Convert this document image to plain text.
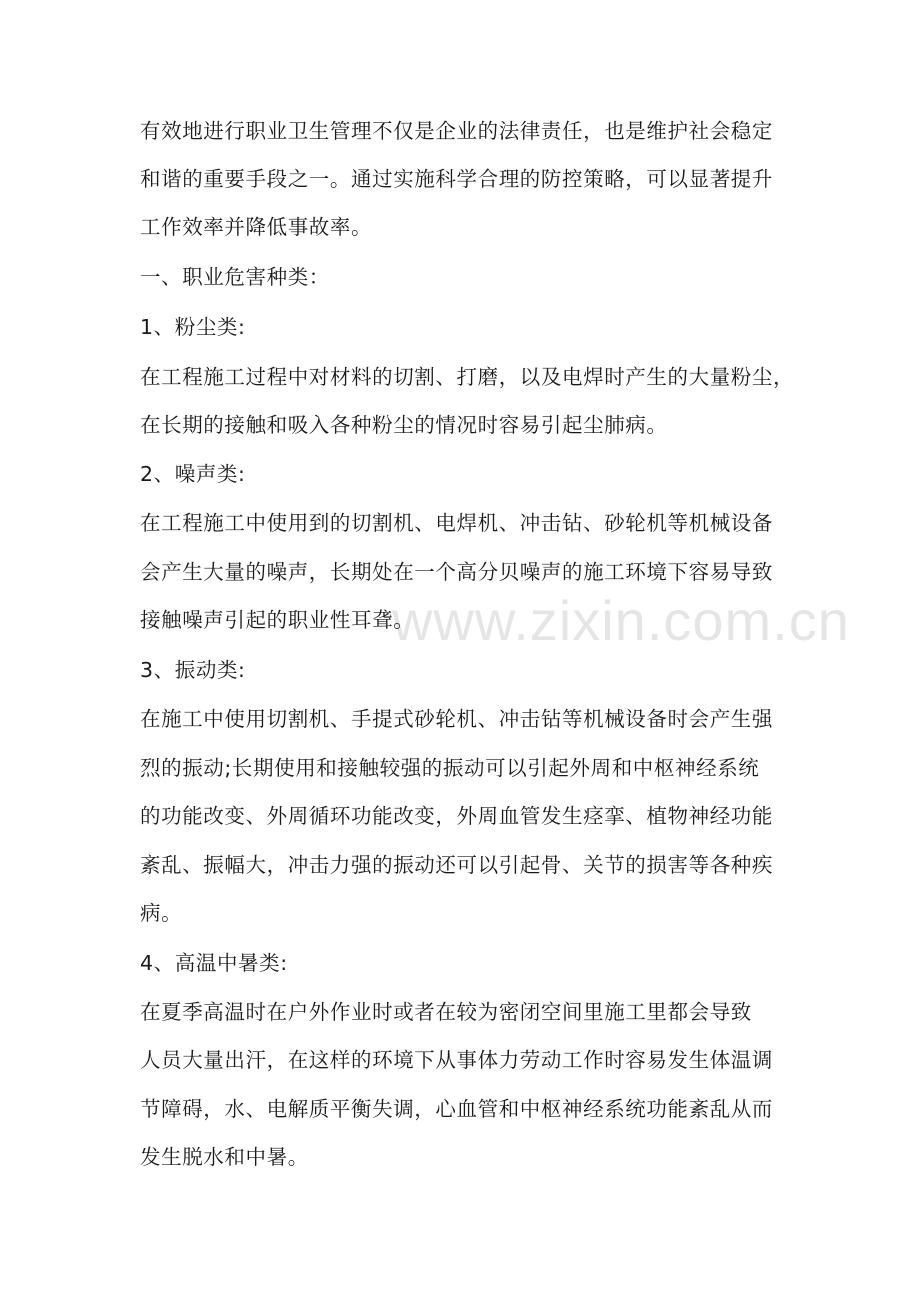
有效地进行职业卫生管理不仅是企业的法律责任，也是维护社会稳定
和谐的重要手段之一。通过实施科学合理的防控策略，可以显著提升
工作效率并降低事故率。
一、职业危害种类：
1、粉尘类:
在工程施工过程中对材料的切割、打磨，以及电焊时产生的大量粉尘，
在长期的接触和吸入各种粉尘的情况时容易引起尘肺病。
2、噪声类:
在工程施工中使用到的切割机、电焊机、冲击钻、砂轮机等机械设备
会产生大量的噪声，长期处在一个高分贝噪声的施工环境下容易导致
接触噪声引起的职业性耳聋。
3、振动类:
在施工中使用切割机、手提式砂轮机、冲击钻等机械设备时会产生强
烈的振动;长期使用和接触较强的振动可以引起外周和中枢神经系统
的功能改变、外周循环功能改变，外周血管发生痉挛、植物神经功能
紊乱、振幅大，冲击力强的振动还可以引起骨、关节的损害等各种疾
病。
4、高温中暑类:
在夏季高温时在户外作业时或者在较为密闭空间里施工里都会导致
人员大量出汗，在这样的环境下从事体力劳动工作时容易发生体温调
节障碍，水、电解质平衡失调，心血管和中枢神经系统功能紊乱从而
发生脱水和中暑。
www.zixin.com.cn
